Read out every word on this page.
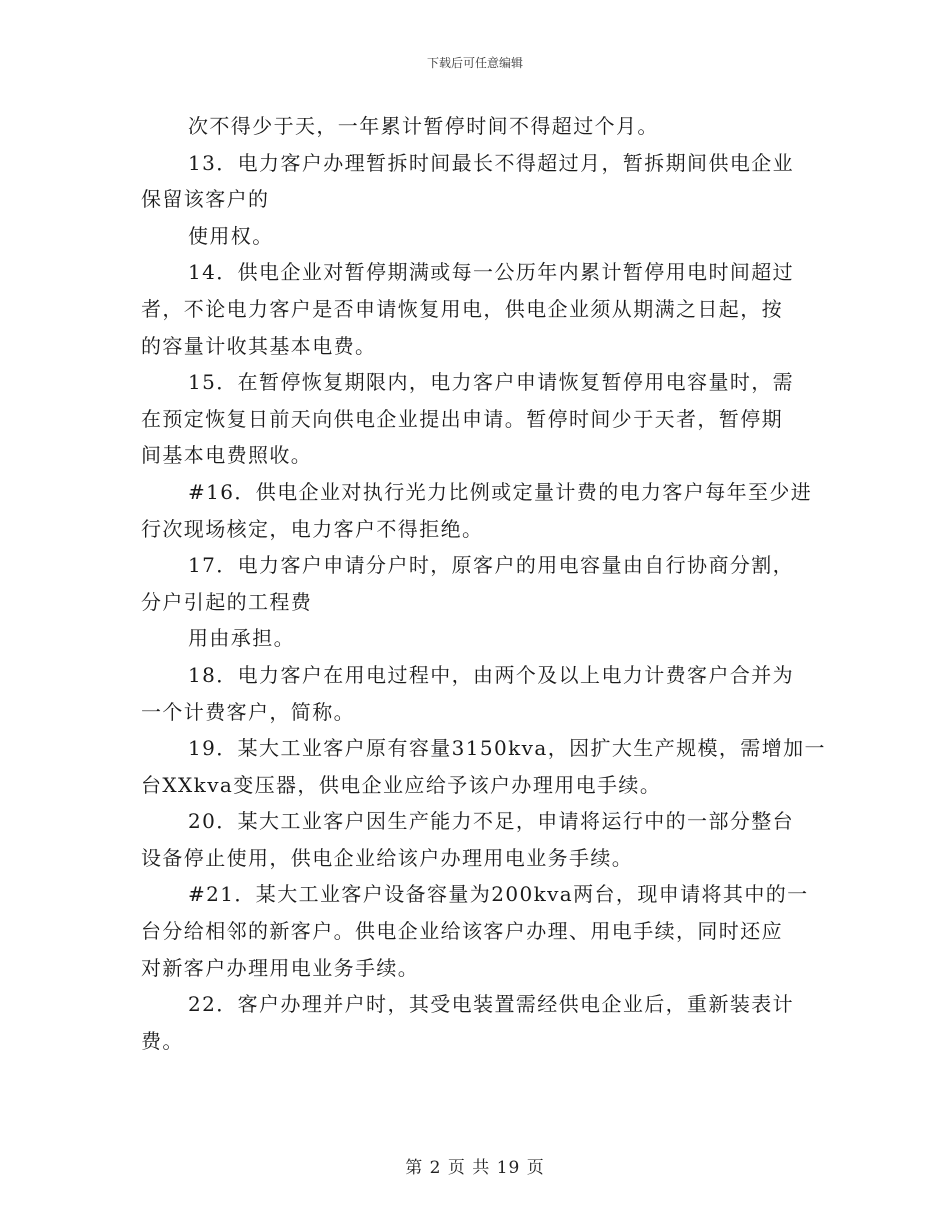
下载后可任意编辑
次不得少于天，一年累计暂停时间不得超过个月。
13．电力客户办理暂拆时间最长不得超过月，暂拆期间供电企业
保留该客户的
使用权。
14．供电企业对暂停期满或每一公历年内累计暂停用电时间超过
者，不论电力客户是否申请恢复用电，供电企业须从期满之日起，按
的容量计收其基本电费。
15．在暂停恢复期限内，电力客户申请恢复暂停用电容量时，需
在预定恢复日前天向供电企业提出申请。暂停时间少于天者，暂停期
间基本电费照收。
#16．供电企业对执行光力比例或定量计费的电力客户每年至少进
行次现场核定，电力客户不得拒绝。
17．电力客户申请分户时，原客户的用电容量由自行协商分割，
分户引起的工程费
用由承担。
18．电力客户在用电过程中，由两个及以上电力计费客户合并为
一个计费客户，简称。
19．某大工业客户原有容量3150kva，因扩大生产规模，需增加一
台XXkva变压器，供电企业应给予该户办理用电手续。
20．某大工业客户因生产能力不足，申请将运行中的一部分整台
设备停止使用，供电企业给该户办理用电业务手续。
#21．某大工业客户设备容量为200kva两台，现申请将其中的一
台分给相邻的新客户。供电企业给该客户办理、用电手续，同时还应
对新客户办理用电业务手续。
22．客户办理并户时，其受电装置需经供电企业后，重新装表计
费。
第 2 页 共 19 页
